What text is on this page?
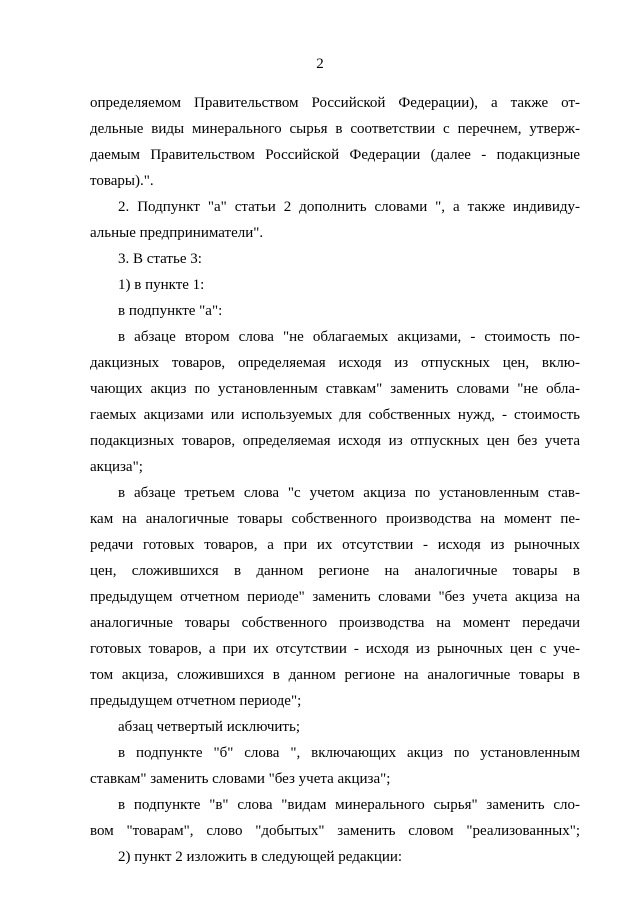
2
определяемом Правительством Российской Федерации), а также от-
дельные виды минерального сырья в соответствии с перечнем, утверж-
даемым Правительством Российской Федерации (далее - подакцизные
товары).".
2. Подпункт "а" статьи 2 дополнить словами ", а также индивиду-
альные предприниматели".
3. В статье 3:
1) в пункте 1:
в подпункте "а":
в абзаце втором слова "не облагаемых акцизами, - стоимость по-
дакцизных товаров, определяемая исходя из отпускных цен, вклю-
чающих акциз по установленным ставкам" заменить словами "не обла-
гаемых акцизами или используемых для собственных нужд, - стоимость
подакцизных товаров, определяемая исходя из отпускных цен без учета
акциза";
в абзаце третьем слова "с учетом акциза по установленным став-
кам на аналогичные товары собственного производства на момент пе-
редачи готовых товаров, а при их отсутствии - исходя из рыночных
цен, сложившихся в данном регионе на аналогичные товары в
предыдущем отчетном периоде" заменить словами "без учета акциза на
аналогичные товары собственного производства на момент передачи
готовых товаров, а при их отсутствии - исходя из рыночных цен с уче-
том акциза, сложившихся в данном регионе на аналогичные товары в
предыдущем отчетном периоде";
абзац четвертый исключить;
в подпункте "б" слова ", включающих акциз по установленным
ставкам" заменить словами "без учета акциза";
в подпункте "в" слова "видам минерального сырья" заменить сло-
вом "товарам", слово "добытых" заменить словом "реализованных";
2) пункт 2 изложить в следующей редакции:
